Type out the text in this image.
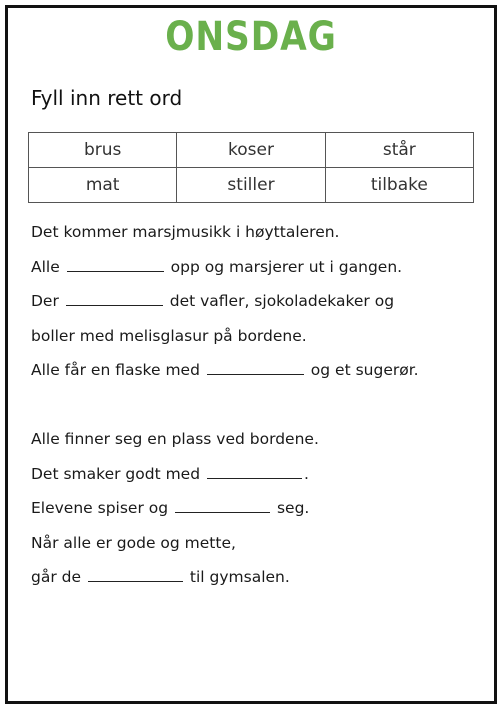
ONSDAG
Fyll inn rett ord
brus	koser	står
mat	stiller	tilbake
Det kommer marsjmusikk i høyttaleren.
Alle	opp og marsjerer ut i gangen.
Der	det vafler, sjokoladekaker og
boller med melisglasur på bordene.
Alle får en flaske med	og et sugerør.
Alle finner seg en plass ved bordene.
Det smaker godt med	.
Elevene spiser og	seg.
Når alle er gode og mette,
går de	til gymsalen.
